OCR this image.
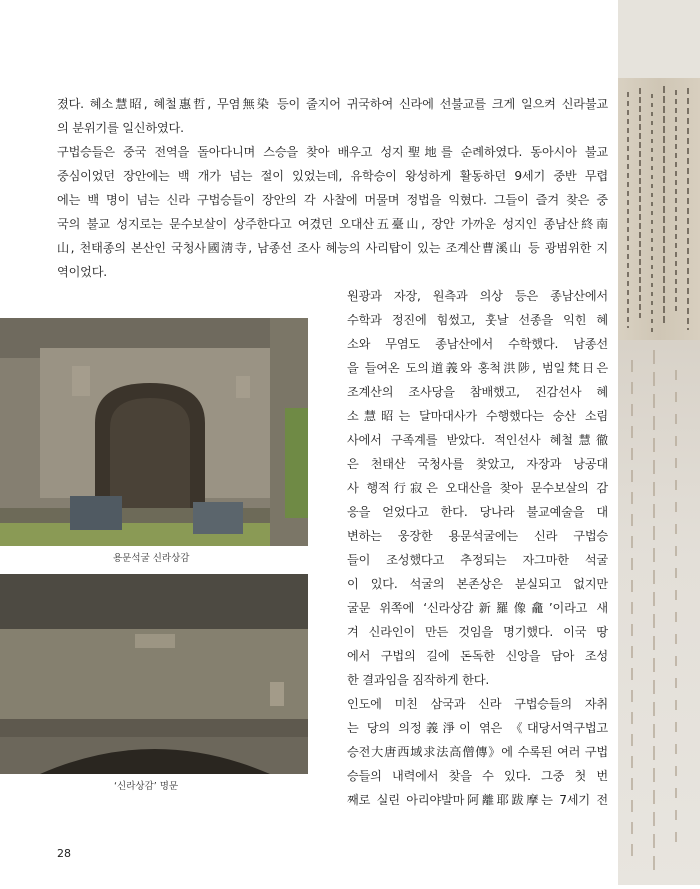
졌다. 혜소慧昭, 혜철惠哲, 무염無染 등이 줄지어 귀국하여 신라에 선불교를 크게 일으켜 신라불교
의 분위기를 일신하였다.

구법승들은 중국 전역을 돌아다니며 스승을 찾아 배우고 성지聖地를 순례하였다. 동아시아 불교
중심이었던 장안에는 백 개가 넘는 절이 있었는데, 유학승이 왕성하게 활동하던 9세기 중반 무렵
에는 백 명이 넘는 신라 구법승들이 장안의 각 사찰에 머물며 정법을 익혔다. 그들이 즐겨 찾은 중
국의 불교 성지로는 문수보살이 상주한다고 여겼던 오대산五臺山, 장안 가까운 성지인 종남산終南
山, 천태종의 본산인 국청사國淸寺, 남종선 조사 혜능의 사리탑이 있는 조계산曹溪山 등 광범위한 지
역이었다.

원광과 자장, 원측과 의상 등은 종남산에서
수학과 정진에 힘썼고, 훗날 선종을 익힌 혜
소와 무염도 종남산에서 수학했다. 남종선
을 들여온 도의道義와 홍척洪陟, 범일梵日은
조계산의 조사당을 참배했고, 진감선사 혜
소慧昭는 달마대사가 수행했다는 숭산 소림
사에서 구족계를 받았다. 적인선사 혜철慧徹
은 천태산 국청사를 찾았고, 자장과 낭공대
사 행적行寂은 오대산을 찾아 문수보살의 감
응을 얻었다고 한다. 당나라 불교예술을 대
변하는 웅장한 용문석굴에는 신라 구법승
들이 조성했다고 추정되는 자그마한 석굴
이 있다. 석굴의 본존상은 분실되고 없지만
굴문 위쪽에 ‘신라상감新羅像龕’이라고 새
겨 신라인이 만든 것임을 명기했다. 이국 땅
에서 구법의 길에 돈독한 신앙을 담아 조성
한 결과임을 짐작하게 한다.

인도에 미친 삼국과 신라 구법승들의 자취
는 당의 의정義淨이 엮은 《대당서역구법고
승전大唐西域求法高僧傳》에 수록된 여러 구법
승들의 내력에서 찾을 수 있다. 그중 첫 번
째로 실린 아리야발마阿離耶跋摩는 7세기 전

용문석굴 신라상감
‘신라상감’ 명문
28
